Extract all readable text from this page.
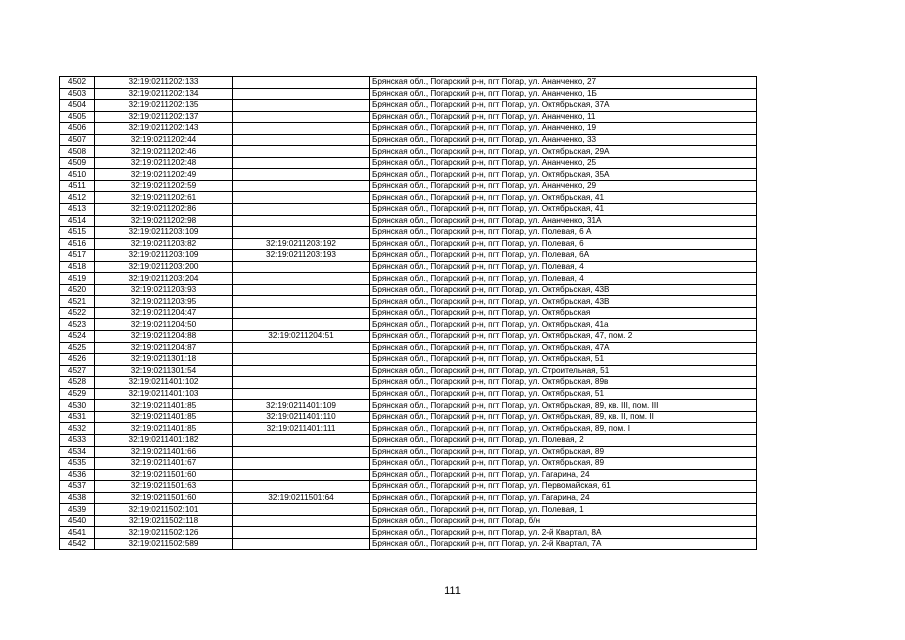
4502	32:19:0211202:133		Брянская обл., Погарский р-н, пгт Погар, ул. Ананченко, 27
4503	32:19:0211202:134		Брянская обл., Погарский р-н, пгт Погар, ул. Ананченко, 1Б
4504	32:19:0211202:135		Брянская обл., Погарский р-н, пгт Погар, ул. Октябрьская, 37А
4505	32:19:0211202:137		Брянская обл., Погарский р-н, пгт Погар, ул. Ананченко, 11
4506	32:19:0211202:143		Брянская обл., Погарский р-н, пгт Погар, ул. Ананченко, 19
4507	32:19:0211202:44		Брянская обл., Погарский р-н, пгт Погар, ул. Ананченко, 33
4508	32:19:0211202:46		Брянская обл., Погарский р-н, пгт Погар, ул. Октябрьская, 29А
4509	32:19:0211202:48		Брянская обл., Погарский р-н, пгт Погар, ул. Ананченко, 25
4510	32:19:0211202:49		Брянская обл., Погарский р-н, пгт Погар, ул. Октябрьская, 35А
4511	32:19:0211202:59		Брянская обл., Погарский р-н, пгт Погар, ул. Ананченко, 29
4512	32:19:0211202:61		Брянская обл., Погарский р-н, пгт Погар, ул. Октябрьская, 41
4513	32:19:0211202:86		Брянская обл., Погарский р-н, пгт Погар, ул. Октябрьская, 41
4514	32:19:0211202:98		Брянская обл., Погарский р-н, пгт Погар, ул. Ананченко, 31А
4515	32:19:0211203:109		Брянская обл., Погарский р-н, пгт Погар, ул. Полевая, 6 А
4516	32:19:0211203:82	32:19:0211203:192	Брянская обл., Погарский р-н, пгт Погар, ул. Полевая, 6
4517	32:19:0211203:109	32:19:0211203:193	Брянская обл., Погарский р-н, пгт Погар, ул. Полевая, 6А
4518	32:19:0211203:200		Брянская обл., Погарский р-н, пгт Погар, ул. Полевая, 4
4519	32:19:0211203:204		Брянская обл., Погарский р-н, пгт Погар, ул. Полевая, 4
4520	32:19:0211203:93		Брянская обл., Погарский р-н, пгт Погар, ул. Октябрьская, 43В
4521	32:19:0211203:95		Брянская обл., Погарский р-н, пгт Погар, ул. Октябрьская, 43В
4522	32:19:0211204:47		Брянская обл., Погарский р-н, пгт Погар, ул. Октябрьская
4523	32:19:0211204:50		Брянская обл., Погарский р-н, пгт Погар, ул. Октябрьская, 41а
4524	32:19:0211204:88	32:19:0211204:51	Брянская обл., Погарский р-н, пгт Погар, ул. Октябрьская, 47, пом. 2
4525	32:19:0211204:87		Брянская обл., Погарский р-н, пгт Погар, ул. Октябрьская, 47А
4526	32:19:0211301:18		Брянская обл., Погарский р-н, пгт Погар, ул. Октябрьская, 51
4527	32:19:0211301:54		Брянская обл., Погарский р-н, пгт Погар, ул. Строительная, 51
4528	32:19:0211401:102		Брянская обл., Погарский р-н, пгт Погар, ул. Октябрьская, 89в
4529	32:19:0211401:103		Брянская обл., Погарский р-н, пгт Погар, ул. Октябрьская, 51
4530	32:19:0211401:85	32:19:0211401:109	Брянская обл., Погарский р-н, пгт Погар, ул. Октябрьская, 89, кв. III, пом. III
4531	32:19:0211401:85	32:19:0211401:110	Брянская обл., Погарский р-н, пгт Погар, ул. Октябрьская, 89, кв. II, пом. II
4532	32:19:0211401:85	32:19:0211401:111	Брянская обл., Погарский р-н, пгт Погар, ул. Октябрьская, 89, пом. I
4533	32:19:0211401:182		Брянская обл., Погарский р-н, пгт Погар, ул. Полевая, 2
4534	32:19:0211401:66		Брянская обл., Погарский р-н, пгт Погар, ул. Октябрьская, 89
4535	32:19:0211401:67		Брянская обл., Погарский р-н, пгт Погар, ул. Октябрьская, 89
4536	32:19:0211501:60		Брянская обл., Погарский р-н, пгт Погар, ул. Гагарина, 24
4537	32:19:0211501:63		Брянская обл., Погарский р-н, пгт Погар, ул. Первомайская, 61
4538	32:19:0211501:60	32:19:0211501:64	Брянская обл., Погарский р-н, пгт Погар, ул. Гагарина, 24
4539	32:19:0211502:101		Брянская обл., Погарский р-н, пгт Погар, ул. Полевая, 1
4540	32:19:0211502:118		Брянская обл., Погарский р-н, пгт Погар, б/н
4541	32:19:0211502:126		Брянская обл., Погарский р-н, пгт Погар, ул. 2-й Квартал, 8А
4542	32:19:0211502:589		Брянская обл., Погарский р-н, пгт Погар, ул. 2-й Квартал, 7А
111
